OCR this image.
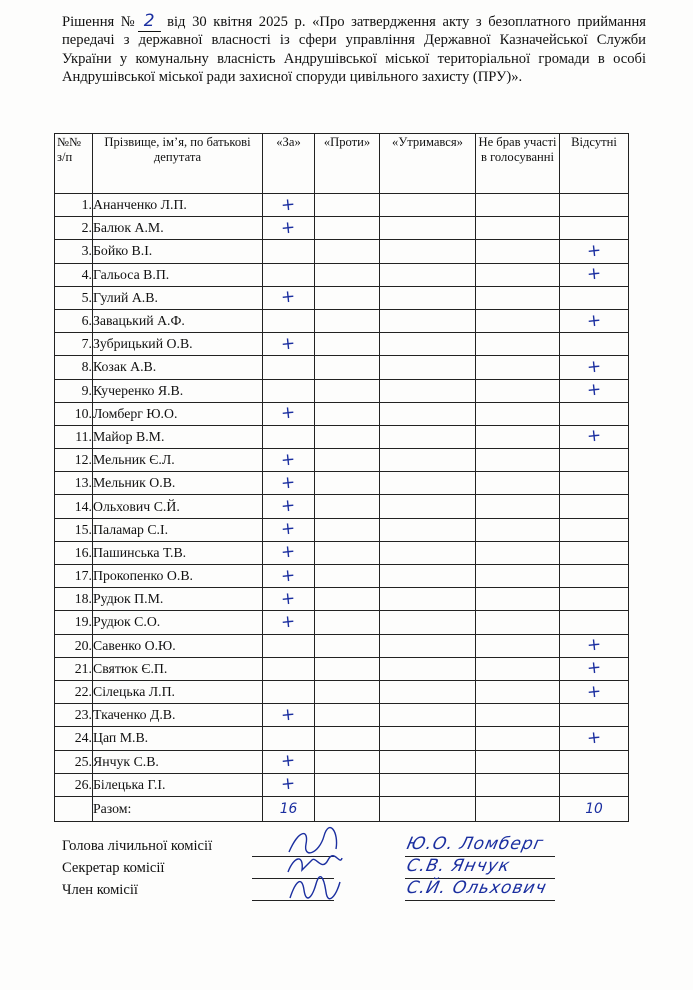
Рішення № 2 від 30 квітня 2025 р. «Про затвердження акту з безоплатного приймання передачі з державної власності із сфери управління Державної Казначейської Служби України у комунальну власність Андрушівської міської територіальної громади в особі Андрушівської міської ради захисної споруди цивільного захисту (ПРУ)».

№№ з/п	Прізвище, ім’я, по батькові депутата	«За»	«Проти»	«Утримався»	Не брав участі в голосуванні	Відсутні
1.	Ананченко Л.П.	+				
2.	Балюк А.М.	+				
3.	Бойко В.І.					+
4.	Гальоса В.П.					+
5.	Гулий А.В.	+				
6.	Завацький А.Ф.					+
7.	Зубрицький О.В.	+				
8.	Козак А.В.					+
9.	Кучеренко Я.В.					+
10.	Ломберг Ю.О.	+				
11.	Майор В.М.					+
12.	Мельник Є.Л.	+				
13.	Мельник О.В.	+				
14.	Ольхович С.Й.	+				
15.	Паламар С.І.	+				
16.	Пашинська Т.В.	+				
17.	Прокопенко О.В.	+				
18.	Рудюк П.М.	+				
19.	Рудюк С.О.	+				
20.	Савенко О.Ю.					+
21.	Святюк Є.П.					+
22.	Сілецька Л.П.					+
23.	Ткаченко Д.В.	+				
24.	Цап М.В.					+
25.	Янчук С.В.	+				
26.	Білецька Г.І.	+				
	Разом:	16				10
Голова лічильної комісії	Ю.О. Ломберг
Секретар комісії	С.В. Янчук
Член комісії	С.Й. Ольхович
